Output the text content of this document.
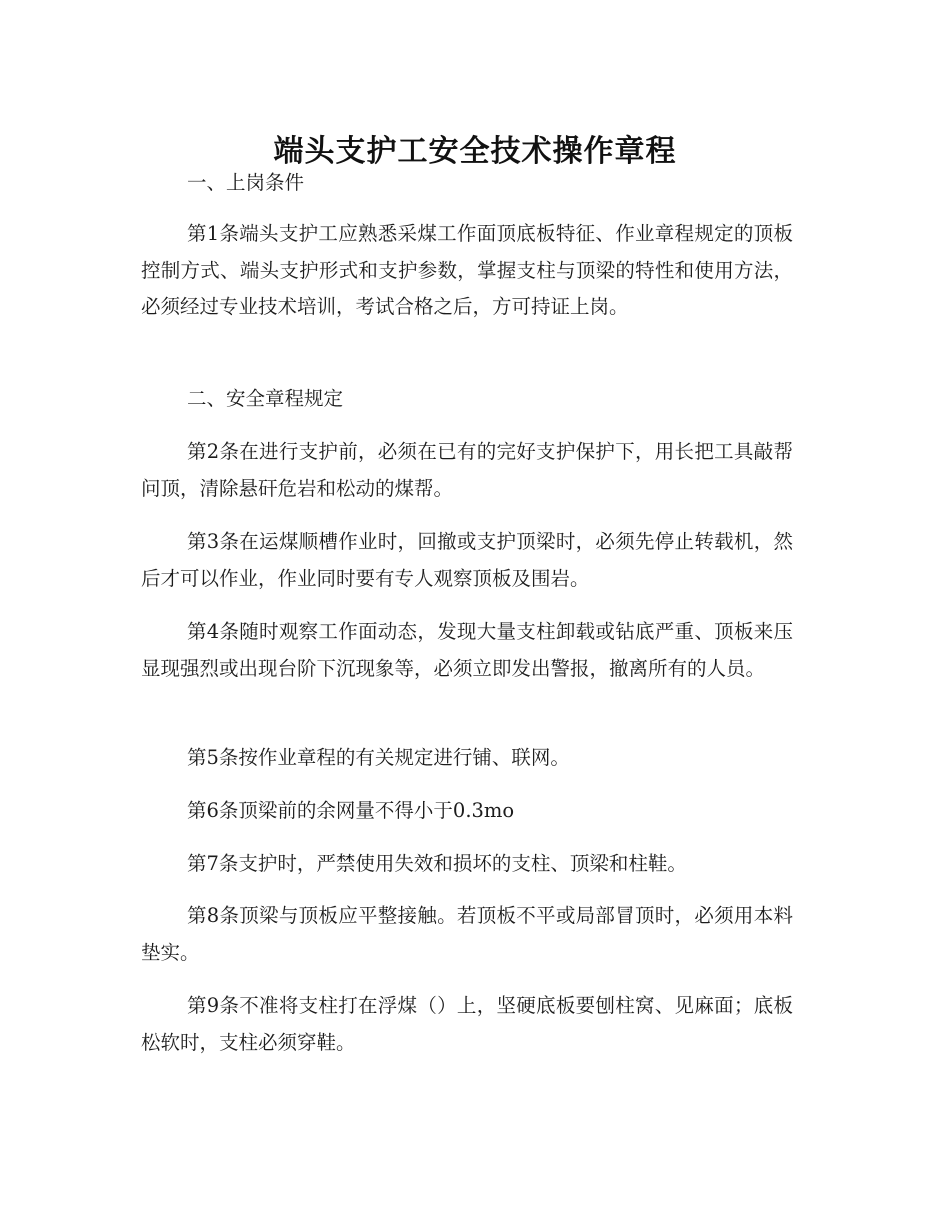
端头支护工安全技术操作章程

一、上岗条件

第1条端头支护工应熟悉采煤工作面顶底板特征、作业章程规定的顶板控制方式、端头支护形式和支护参数，掌握支柱与顶梁的特性和使用方法，必须经过专业技术培训，考试合格之后，方可持证上岗。

二、安全章程规定

第2条在进行支护前，必须在已有的完好支护保护下，用长把工具敲帮问顶，清除悬矸危岩和松动的煤帮。

第3条在运煤顺槽作业时，回撤或支护顶梁时，必须先停止转载机，然后才可以作业，作业同时要有专人观察顶板及围岩。

第4条随时观察工作面动态，发现大量支柱卸载或钻底严重、顶板来压显现强烈或出现台阶下沉现象等，必须立即发出警报，撤离所有的人员。

第5条按作业章程的有关规定进行铺、联网。

第6条顶梁前的余网量不得小于0.3mo

第7条支护时，严禁使用失效和损坏的支柱、顶梁和柱鞋。

第8条顶梁与顶板应平整接触。若顶板不平或局部冒顶时，必须用本料垫实。

第9条不准将支柱打在浮煤（）上，坚硬底板要刨柱窝、见麻面；底板松软时，支柱必须穿鞋。
